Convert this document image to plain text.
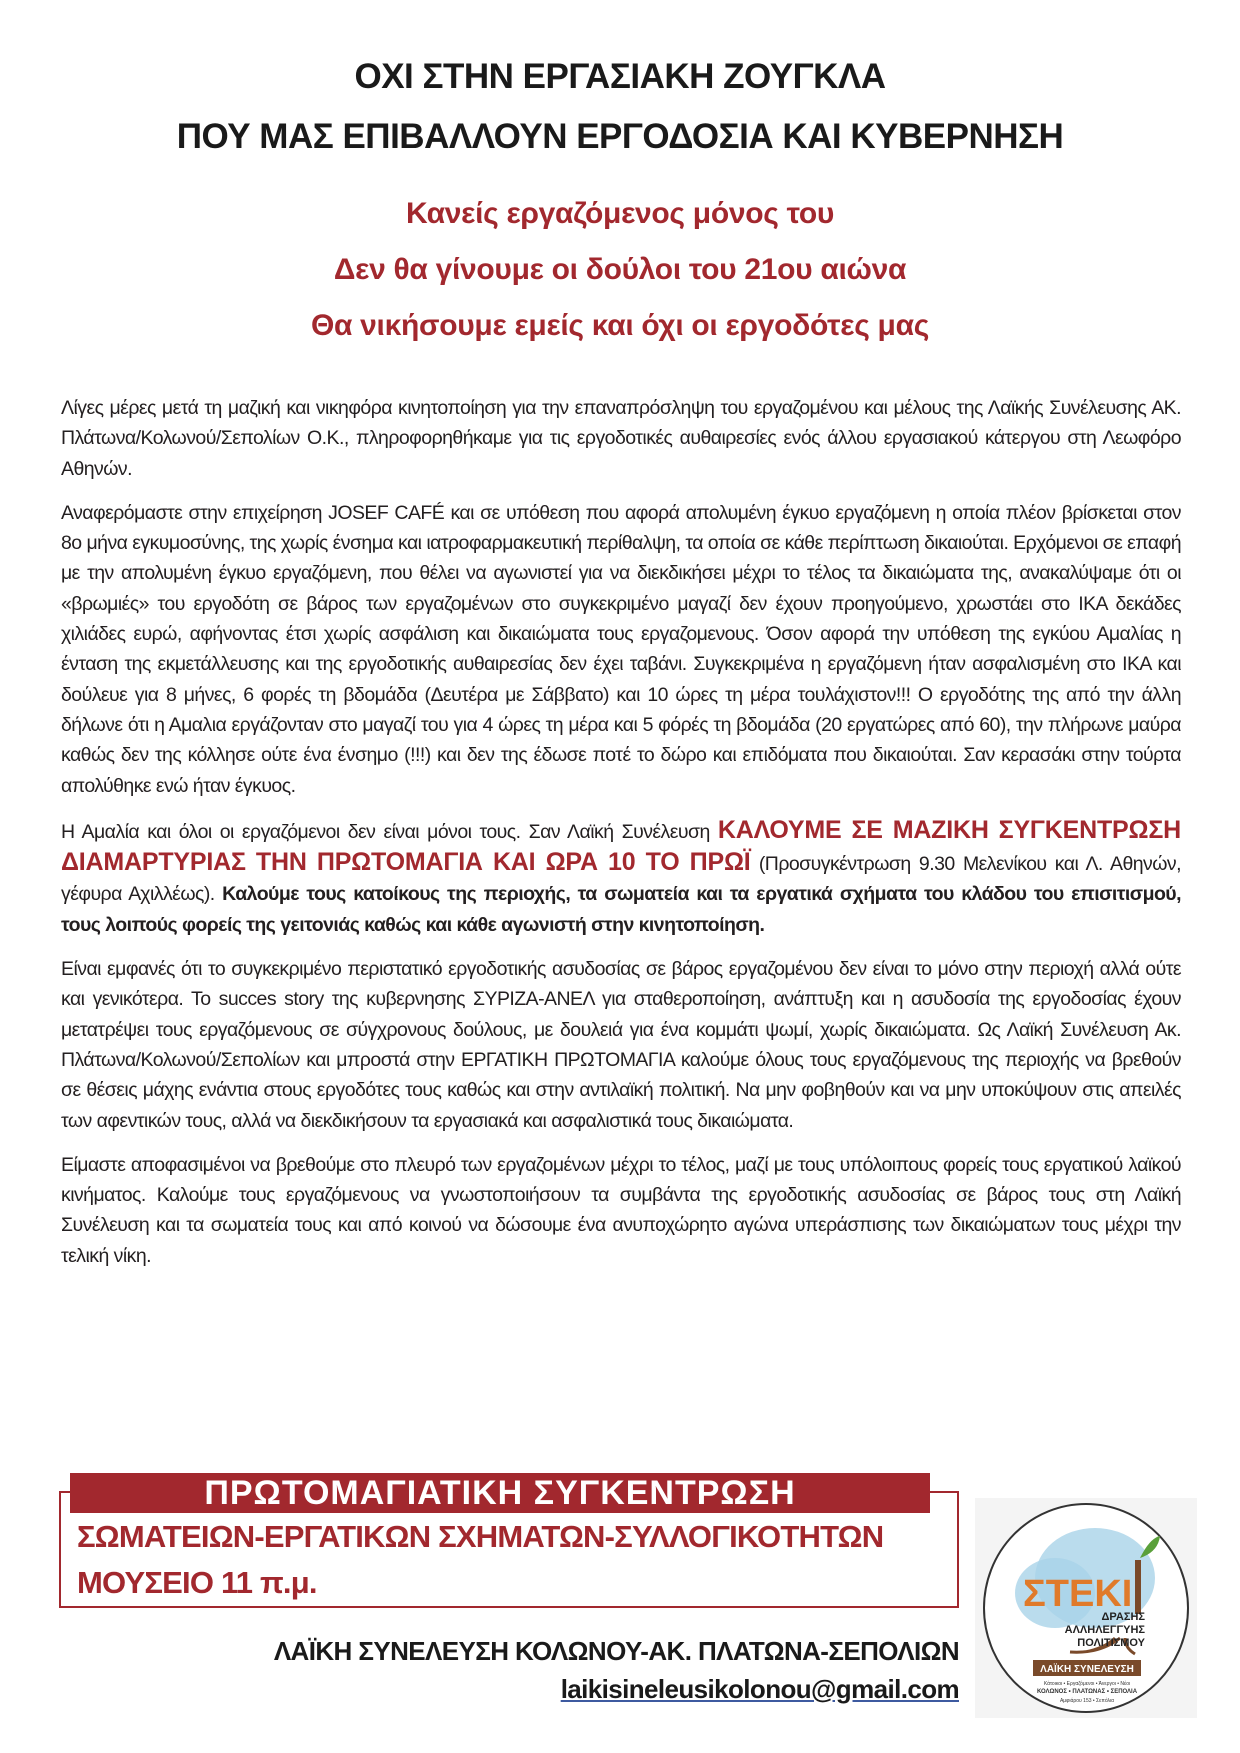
ΟΧΙ ΣΤΗΝ ΕΡΓΑΣΙΑΚΗ ΖΟΥΓΚΛΑ
ΠΟΥ ΜΑΣ ΕΠΙΒΑΛΛΟΥΝ ΕΡΓΟΔΟΣΙΑ ΚΑΙ ΚΥΒΕΡΝΗΣΗ
Κανείς εργαζόμενος μόνος του
Δεν θα γίνουμε οι δούλοι του 21ου αιώνα
Θα νικήσουμε εμείς και όχι οι εργοδότες μας

Λίγες μέρες μετά τη μαζική και νικηφόρα κινητοποίηση για την επαναπρόσληψη του εργαζομένου και μέλους της Λαϊκής Συνέλευσης ΑΚ. Πλάτωνα/Κολωνού/Σεπολίων Ο.Κ., πληροφορηθήκαμε για τις εργοδοτικές αυθαιρεσίες ενός άλλου εργασιακού κάτεργου στη Λεωφόρο Αθηνών.

Αναφερόμαστε στην επιχείρηση JOSEF CAFÉ και σε υπόθεση που αφορά απολυμένη έγκυο εργαζόμενη η οποία πλέον βρίσκεται στον 8ο μήνα εγκυμοσύνης, της χωρίς ένσημα και ιατροφαρμακευτική περίθαλψη, τα οποία σε κάθε περίπτωση δικαιούται. Ερχόμενοι σε επαφή με την απολυμένη έγκυο εργαζόμενη, που θέλει να αγωνιστεί για να διεκδικήσει μέχρι το τέλος τα δικαιώματα της, ανακαλύψαμε ότι οι «βρωμιές» του εργοδότη σε βάρος των εργαζομένων στο συγκεκριμένο μαγαζί δεν έχουν προηγούμενο, χρωστάει στο ΙΚΑ δεκάδες χιλιάδες ευρώ, αφήνοντας έτσι χωρίς ασφάλιση και δικαιώματα τους εργαζομενους. Όσον αφορά την υπόθεση της εγκύου Αμαλίας η ένταση της εκμετάλλευσης και της εργοδοτικής αυθαιρεσίας δεν έχει ταβάνι. Συγκεκριμένα η εργαζόμενη ήταν ασφαλισμένη στο ΙΚΑ και δούλευε για 8 μήνες, 6 φορές τη βδομάδα (Δευτέρα με Σάββατο) και 10 ώρες τη μέρα τουλάχιστον!!! Ο εργοδότης της από την άλλη δήλωνε ότι η Αμαλια εργάζονταν στο μαγαζί του για 4 ώρες τη μέρα και 5 φόρές τη βδομάδα (20 εργατώρες από 60), την πλήρωνε μαύρα καθώς δεν της κόλλησε ούτε ένα ένσημο (!!!) και δεν της έδωσε ποτέ το δώρο και επιδόματα που δικαιούται. Σαν κερασάκι στην τούρτα απολύθηκε ενώ ήταν έγκυος.

Η Αμαλία και όλοι οι εργαζόμενοι δεν είναι μόνοι τους. Σαν Λαϊκή Συνέλευση ΚΑΛΟΥΜΕ ΣΕ ΜΑΖΙΚΗ ΣΥΓΚΕΝΤΡΩΣΗ ΔΙΑΜΑΡΤΥΡΙΑΣ ΤΗΝ ΠΡΩΤΟΜΑΓΙΑ ΚΑΙ ΩΡΑ 10 ΤΟ ΠΡΩΪ (Προσυγκέντρωση 9.30 Μελενίκου και Λ. Αθηνών, γέφυρα Αχιλλέως). Καλούμε τους κατοίκους της περιοχής, τα σωματεία και τα εργατικά σχήματα του κλάδου του επισιτισμού, τους λοιπούς φορείς της γειτονιάς καθώς και κάθε αγωνιστή στην κινητοποίηση.

Είναι εμφανές ότι το συγκεκριμένο περιστατικό εργοδοτικής ασυδοσίας σε βάρος εργαζομένου δεν είναι το μόνο στην περιοχή αλλά ούτε και γενικότερα. Το succes story της κυβερνησης ΣΥΡΙΖΑ-ΑΝΕΛ για σταθεροποίηση, ανάπτυξη και η ασυδοσία της εργοδοσίας έχουν μετατρέψει τους εργαζόμενους σε σύγχρονους δούλους, με δουλειά για ένα κομμάτι ψωμί, χωρίς δικαιώματα. Ως Λαϊκή Συνέλευση Ακ. Πλάτωνα/Κολωνού/Σεπολίων και μπροστά στην ΕΡΓΑΤΙΚΗ ΠΡΩΤΟΜΑΓΙΑ καλούμε όλους τους εργαζόμενους της περιοχής να βρεθούν σε θέσεις μάχης ενάντια στους εργοδότες τους καθώς και στην αντιλαϊκή πολιτική. Να μην φοβηθούν και να μην υποκύψουν στις απειλές των αφεντικών τους, αλλά να διεκδικήσουν τα εργασιακά και ασφαλιστικά τους δικαιώματα.

Είμαστε αποφασιμένοι να βρεθούμε στο πλευρό των εργαζομένων μέχρι το τέλος, μαζί με τους υπόλοιπους φορείς τους εργατικού λαϊκού κινήματος. Καλούμε τους εργαζόμενους να γνωστοποιήσουν τα συμβάντα της εργοδοτικής ασυδοσίας σε βάρος τους στη Λαϊκή Συνέλευση και τα σωματεία τους και από κοινού να δώσουμε ένα ανυποχώρητο αγώνα υπεράσπισης των δικαιώματων τους μέχρι την τελική νίκη.

ΠΡΩΤΟΜΑΓΙΑΤΙΚΗ ΣΥΓΚΕΝΤΡΩΣΗ
ΣΩΜΑΤΕΙΩΝ-ΕΡΓΑΤΙΚΩΝ ΣΧΗΜΑΤΩΝ-ΣΥΛΛΟΓΙΚΟΤΗΤΩΝ
ΜΟΥΣΕΙΟ 11 π.μ.
ΛΑΪΚΗ ΣΥΝΕΛΕΥΣΗ ΚΟΛΩΝΟΥ-ΑΚ. ΠΛΑΤΩΝΑ-ΣΕΠΟΛΙΩΝ
laikisineleusikolonou@gmail.com
ΣΤΕΚΙ
ΔΡΑΣΗΣ
ΑΛΛΗΛΕΓΓΥΗΣ
ΠΟΛΙΤΙΣΜΟΥ
ΛΑΪΚΗ ΣΥΝΕΛΕΥΣΗ
Κάτοικοι • Εργαζόμενοι • Άνεργοι • Νέοι
ΚΟΛΩΝΟΣ • ΠΛΑΤΩΝΑΣ • ΣΕΠΟΛΙΑ
Αμφιάρου 153 • Σεπόλια
